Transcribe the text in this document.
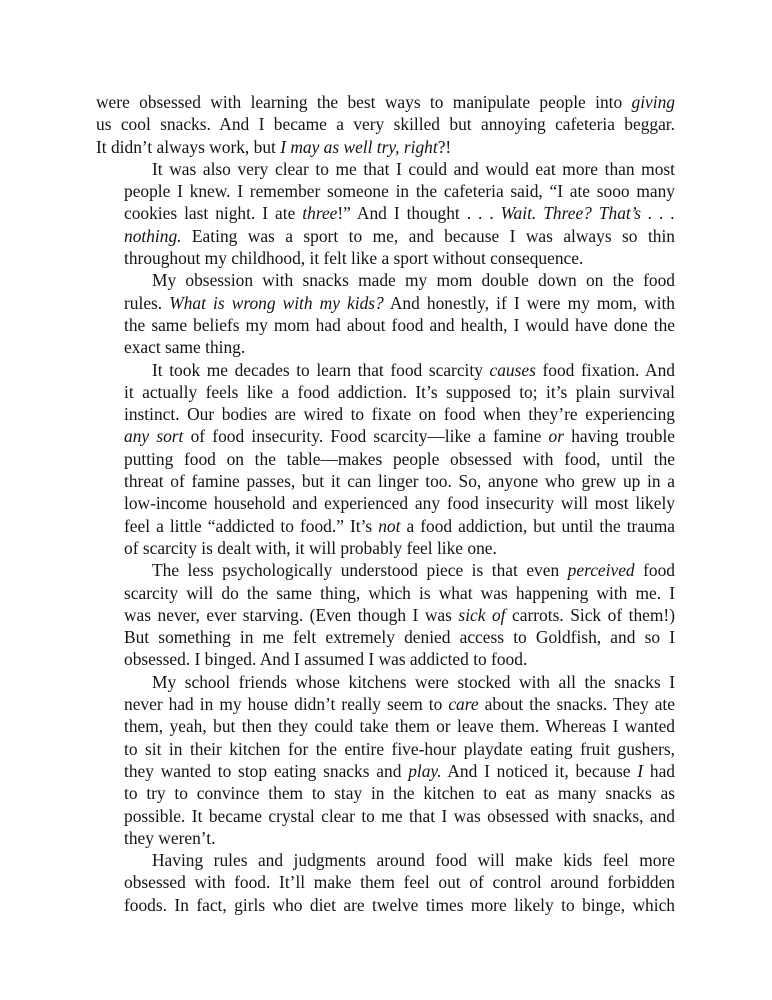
were obsessed with learning the best ways to manipulate people into giving
us cool snacks. And I became a very skilled but annoying cafeteria beggar.
It didn’t always work, but I may as well try, right?!

It was also very clear to me that I could and would eat more than most
people I knew. I remember someone in the cafeteria said, “I ate sooo many
cookies last night. I ate three!” And I thought . . . Wait. Three? That’s . . .
nothing. Eating was a sport to me, and because I was always so thin
throughout my childhood, it felt like a sport without consequence.

My obsession with snacks made my mom double down on the food
rules. What is wrong with my kids? And honestly, if I were my mom, with
the same beliefs my mom had about food and health, I would have done the
exact same thing.

It took me decades to learn that food scarcity causes food fixation. And
it actually feels like a food addiction. It’s supposed to; it’s plain survival
instinct. Our bodies are wired to fixate on food when they’re experiencing
any sort of food insecurity. Food scarcity—like a famine or having trouble
putting food on the table—makes people obsessed with food, until the
threat of famine passes, but it can linger too. So, anyone who grew up in a
low-income household and experienced any food insecurity will most likely
feel a little “addicted to food.” It’s not a food addiction, but until the trauma
of scarcity is dealt with, it will probably feel like one.

The less psychologically understood piece is that even perceived food
scarcity will do the same thing, which is what was happening with me. I
was never, ever starving. (Even though I was sick of carrots. Sick of them!)
But something in me felt extremely denied access to Goldfish, and so I
obsessed. I binged. And I assumed I was addicted to food.

My school friends whose kitchens were stocked with all the snacks I
never had in my house didn’t really seem to care about the snacks. They ate
them, yeah, but then they could take them or leave them. Whereas I wanted
to sit in their kitchen for the entire five-hour playdate eating fruit gushers,
they wanted to stop eating snacks and play. And I noticed it, because I had
to try to convince them to stay in the kitchen to eat as many snacks as
possible. It became crystal clear to me that I was obsessed with snacks, and
they weren’t.

Having rules and judgments around food will make kids feel more
obsessed with food. It’ll make them feel out of control around forbidden
foods. In fact, girls who diet are twelve times more likely to binge, which
